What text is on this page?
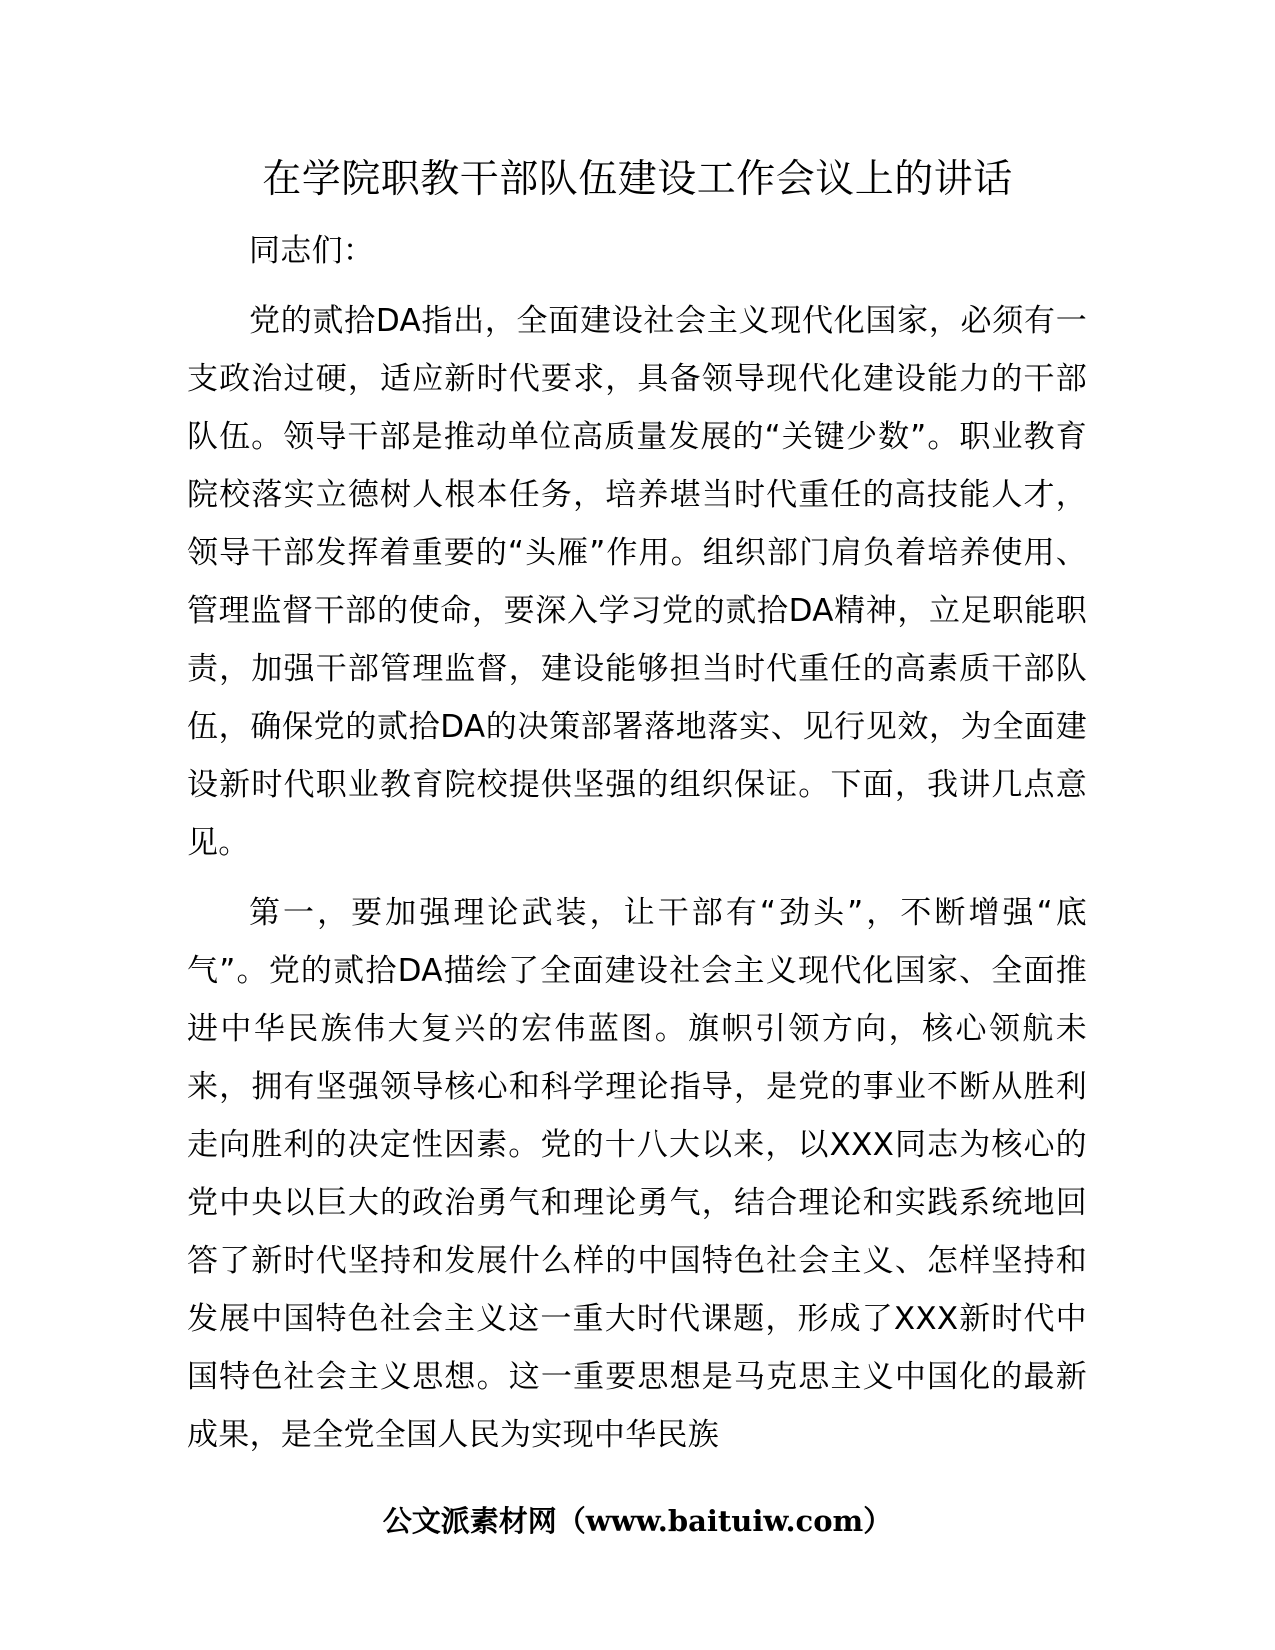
在学院职教干部队伍建设工作会议上的讲话

同志们：

党的贰拾DA指出，全面建设社会主义现代化国家，必须有一支政治过硬，适应新时代要求，具备领导现代化建设能力的干部队伍。领导干部是推动单位高质量发展的“关键少数”。职业教育院校落实立德树人根本任务，培养堪当时代重任的高技能人才，领导干部发挥着重要的“头雁”作用。组织部门肩负着培养使用、管理监督干部的使命，要深入学习党的贰拾DA精神，立足职能职责，加强干部管理监督，建设能够担当时代重任的高素质干部队伍，确保党的贰拾DA的决策部署落地落实、见行见效，为全面建设新时代职业教育院校提供坚强的组织保证。下面，我讲几点意见。

第一，要加强理论武装，让干部有“劲头”，不断增强“底气”。党的贰拾DA描绘了全面建设社会主义现代化国家、全面推进中华民族伟大复兴的宏伟蓝图。旗帜引领方向，核心领航未来，拥有坚强领导核心和科学理论指导，是党的事业不断从胜利走向胜利的决定性因素。党的十八大以来，以XXX同志为核心的党中央以巨大的政治勇气和理论勇气，结合理论和实践系统地回答了新时代坚持和发展什么样的中国特色社会主义、怎样坚持和发展中国特色社会主义这一重大时代课题，形成了XXX新时代中国特色社会主义思想。这一重要思想是马克思主义中国化的最新成果，是全党全国人民为实现中华民族

公文派素材网（www.baituiw.com）
